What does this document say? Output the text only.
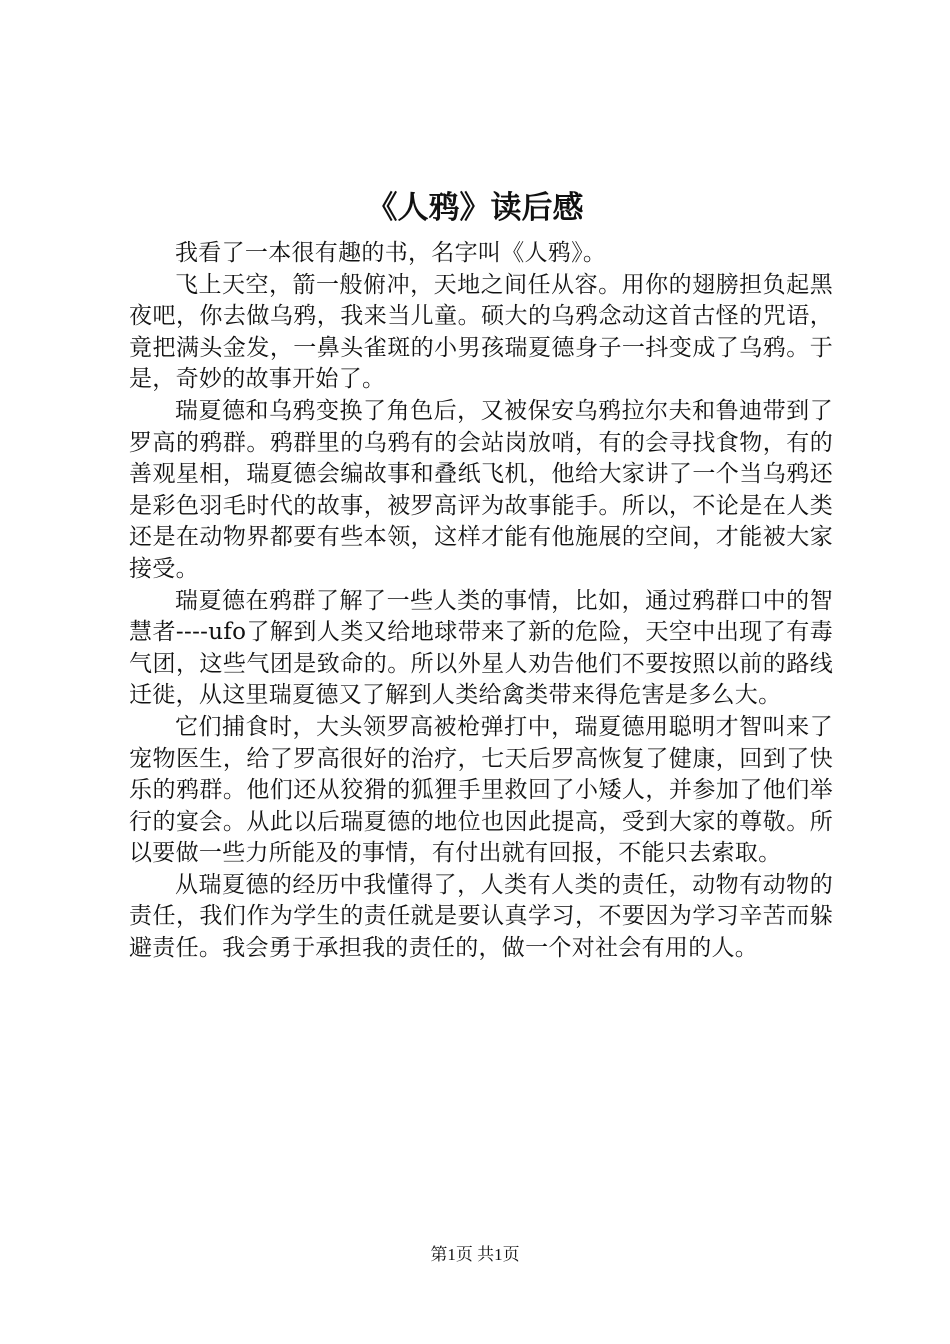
《人鸦》读后感

我看了一本很有趣的书，名字叫《人鸦》。

飞上天空，箭一般俯冲，天地之间任从容。用你的翅膀担负起黑夜吧，你去做乌鸦，我来当儿童。硕大的乌鸦念动这首古怪的咒语，竟把满头金发，一鼻头雀斑的小男孩瑞夏德身子一抖变成了乌鸦。于是，奇妙的故事开始了。

瑞夏德和乌鸦变换了角色后，又被保安乌鸦拉尔夫和鲁迪带到了罗高的鸦群。鸦群里的乌鸦有的会站岗放哨，有的会寻找食物，有的善观星相，瑞夏德会编故事和叠纸飞机，他给大家讲了一个当乌鸦还是彩色羽毛时代的故事，被罗高评为故事能手。所以，不论是在人类还是在动物界都要有些本领，这样才能有他施展的空间，才能被大家接受。

瑞夏德在鸦群了解了一些人类的事情，比如，通过鸦群口中的智慧者----ufo了解到人类又给地球带来了新的危险，天空中出现了有毒气团，这些气团是致命的。所以外星人劝告他们不要按照以前的路线迁徙，从这里瑞夏德又了解到人类给禽类带来得危害是多么大。

它们捕食时，大头领罗高被枪弹打中，瑞夏德用聪明才智叫来了宠物医生，给了罗高很好的治疗，七天后罗高恢复了健康，回到了快乐的鸦群。他们还从狡猾的狐狸手里救回了小矮人，并参加了他们举行的宴会。从此以后瑞夏德的地位也因此提高，受到大家的尊敬。所以要做一些力所能及的事情，有付出就有回报，不能只去索取。

从瑞夏德的经历中我懂得了，人类有人类的责任，动物有动物的责任，我们作为学生的责任就是要认真学习，不要因为学习辛苦而躲避责任。我会勇于承担我的责任的，做一个对社会有用的人。

第1页 共1页
